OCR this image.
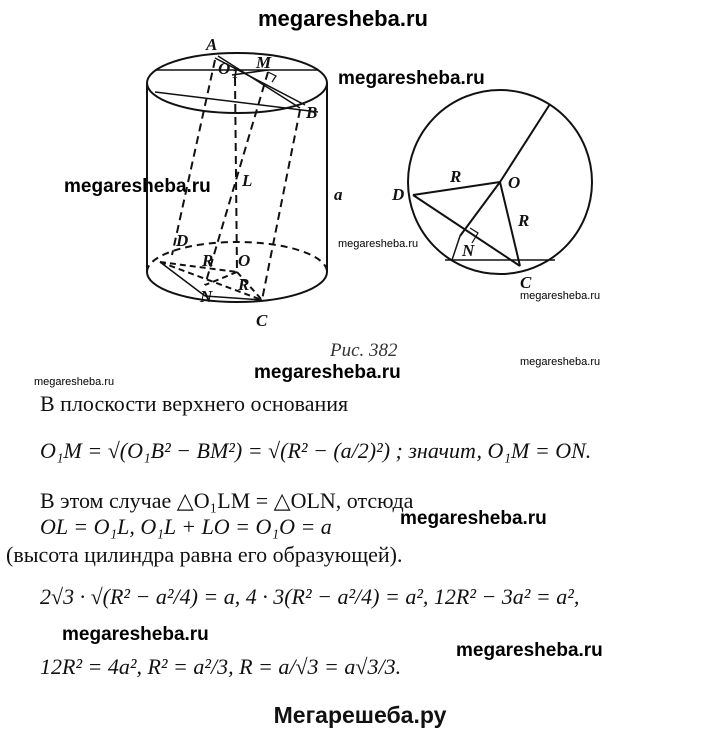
megaresheba.ru
megaresheba.ru
megaresheba.ru
megaresheba.ru
megaresheba.ru
megaresheba.ru
megaresheba.ru
megaresheba.ru
megaresheba.ru
megaresheba.ru
megaresheba.ru
A
O 1
M
B
L
a
D
R O
R
N
C
D
O
R
R
N
C
Рис. 382
В плоскости верхнего основания
O₁M = √(O₁B² − BM²) = √(R² − (a/2)²) ; значит, O₁M = ON.
В этом случае △O₁LM = △OLN, отсюда
OL = O₁L, O₁L + LO = O₁O = a
(высота цилиндра равна его образующей).
2√3 · √(R² − a²/4) = a, 4 · 3(R² − a²/4) = a², 12R² − 3a² = a²,
12R² = 4a², R² = a²/3, R = a/√3 = a√3/3.
Мегарешеба.ру
